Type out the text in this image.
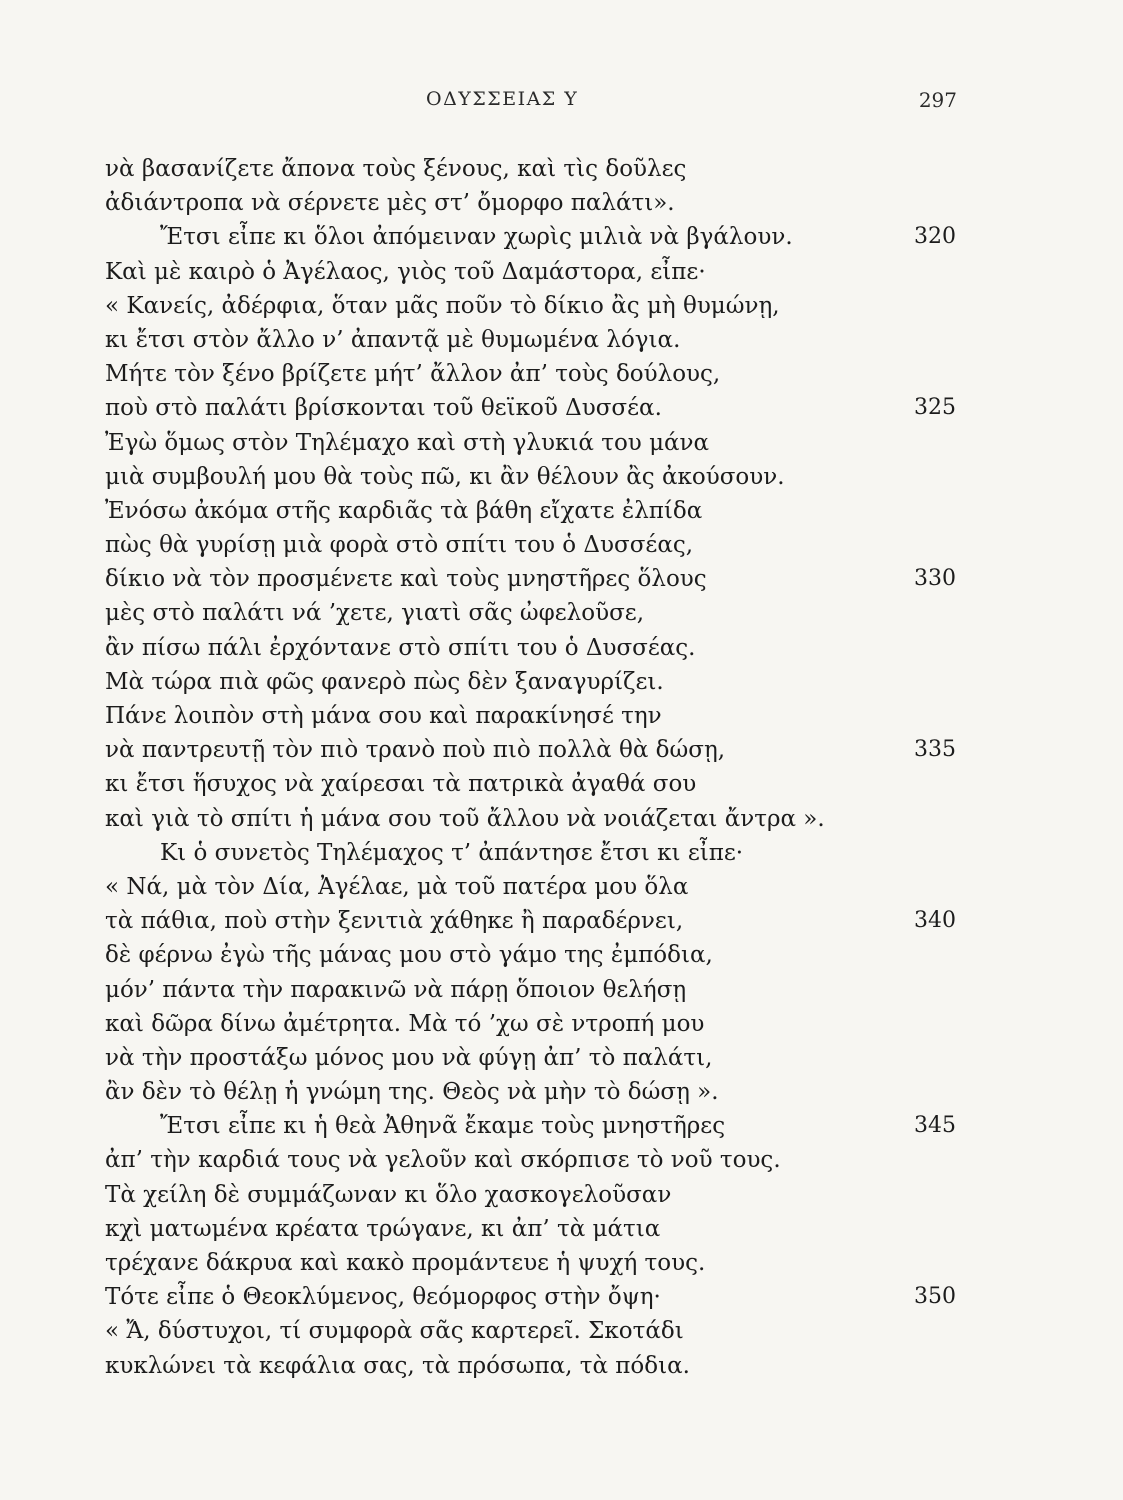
ΟΔΥΣΣΕΙΑΣ Υ	297
νὰ βασανίζετε ἄπονα τοὺς ξένους, καὶ τὶς δοῦλες
ἀδιάντροπα νὰ σέρνετε μὲς στ’ ὄμορφο παλάτι».
Ἔτσι εἶπε κι ὅλοι ἀπόμειναν χωρὶς μιλιὰ νὰ βγάλουν.	320
Καὶ μὲ καιρὸ ὁ Ἀγέλαος, γιὸς τοῦ Δαμάστορα, εἶπε·
« Κανείς, ἀδέρφια, ὅταν μᾶς ποῦν τὸ δίκιο ἂς μὴ θυμώνῃ,
κι ἔτσι στὸν ἄλλο ν’ ἀπαντᾷ μὲ θυμωμένα λόγια.
Μήτε τὸν ξένο βρίζετε μήτ’ ἄλλον ἀπ’ τοὺς δούλους,
ποὺ στὸ παλάτι βρίσκονται τοῦ θεϊκοῦ Δυσσέα.	325
Ἐγὼ ὅμως στὸν Τηλέμαχο καὶ στὴ γλυκιά του μάνα
μιὰ συμβουλή μου θὰ τοὺς πῶ, κι ἂν θέλουν ἂς ἀκούσουν.
Ἐνόσω ἀκόμα στῆς καρδιᾶς τὰ βάθη εἴχατε ἐλπίδα
πὼς θὰ γυρίσῃ μιὰ φορὰ στὸ σπίτι του ὁ Δυσσέας,
δίκιο νὰ τὸν προσμένετε καὶ τοὺς μνηστῆρες ὅλους	330
μὲς στὸ παλάτι νά ’χετε, γιατὶ σᾶς ὠφελοῦσε,
ἂν πίσω πάλι ἐρχόντανε στὸ σπίτι του ὁ Δυσσέας.
Μὰ τώρα πιὰ φῶς φανερὸ πὼς δὲν ξαναγυρίζει.
Πάνε λοιπὸν στὴ μάνα σου καὶ παρακίνησέ την
νὰ παντρευτῇ τὸν πιὸ τρανὸ ποὺ πιὸ πολλὰ θὰ δώσῃ,	335
κι ἔτσι ἥσυχος νὰ χαίρεσαι τὰ πατρικὰ ἀγαθά σου
καὶ γιὰ τὸ σπίτι ἡ μάνα σου τοῦ ἄλλου νὰ νοιάζεται ἄντρα ».
Κι ὁ συνετὸς Τηλέμαχος τ’ ἀπάντησε ἔτσι κι εἶπε·
« Νά, μὰ τὸν Δία, Ἀγέλαε, μὰ τοῦ πατέρα μου ὅλα
τὰ πάθια, ποὺ στὴν ξενιτιὰ χάθηκε ἢ παραδέρνει,	340
δὲ φέρνω ἐγὼ τῆς μάνας μου στὸ γάμο της ἐμπόδια,
μόν’ πάντα τὴν παρακινῶ νὰ πάρῃ ὅποιον θελήσῃ
καὶ δῶρα δίνω ἀμέτρητα. Μὰ τό ’χω σὲ ντροπή μου
νὰ τὴν προστάξω μόνος μου νὰ φύγῃ ἀπ’ τὸ παλάτι,
ἂν δὲν τὸ θέλῃ ἡ γνώμη της. Θεὸς νὰ μὴν τὸ δώσῃ ».
Ἔτσι εἶπε κι ἡ θεὰ Ἀθηνᾶ ἔκαμε τοὺς μνηστῆρες	345
ἀπ’ τὴν καρδιά τους νὰ γελοῦν καὶ σκόρπισε τὸ νοῦ τους.
Τὰ χείλη δὲ συμμάζωναν κι ὅλο χασκογελοῦσαν
κχὶ ματωμένα κρέατα τρώγανε, κι ἀπ’ τὰ μάτια
τρέχανε δάκρυα καὶ κακὸ προμάντευε ἡ ψυχή τους.
Τότε εἶπε ὁ Θεοκλύμενος, θεόμορφος στὴν ὄψη·	350
« Ἄ, δύστυχοι, τί συμφορὰ σᾶς καρτερεῖ. Σκοτάδι
κυκλώνει τὰ κεφάλια σας, τὰ πρόσωπα, τὰ πόδια.
